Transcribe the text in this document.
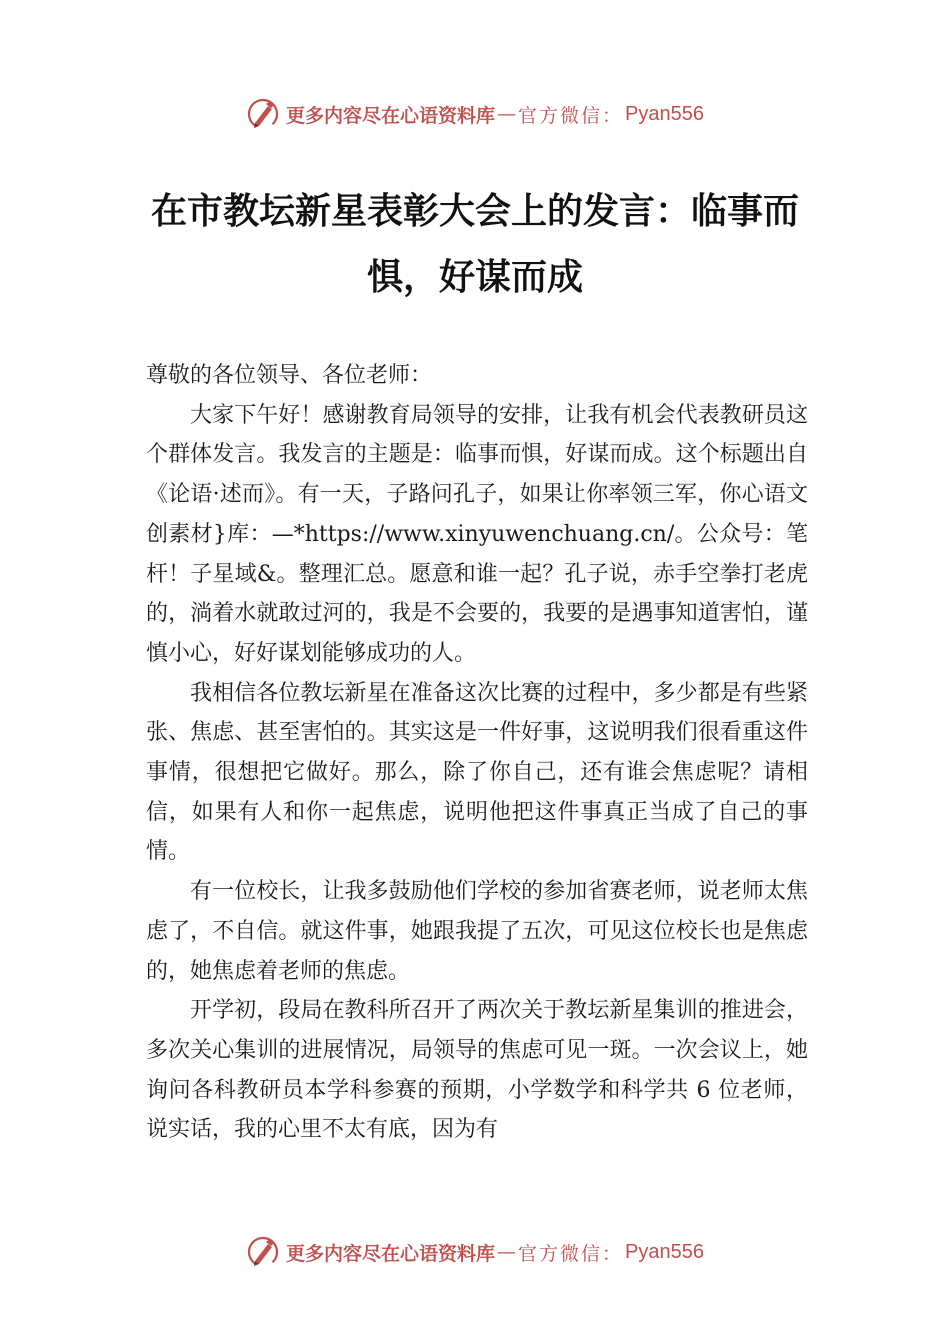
更多内容尽在心语资料库 — 官方微信： Pyan556
在市教坛新星表彰大会上的发言：临事而惧，好谋而成

尊敬的各位领导、各位老师：

大家下午好！感谢教育局领导的安排，让我有机会代表教研员这个群体发言。我发言的主题是：临事而惧，好谋而成。这个标题出自《论语·述而》。有一天，子路问孔子，如果让你率领三军，你心语文创素材}库：—*https://www.xinyuwenchuang.cn/。公众号：笔杆！子星域&。整理汇总。愿意和谁一起？孔子说，赤手空拳打老虎的，淌着水就敢过河的，我是不会要的，我要的是遇事知道害怕，谨慎小心，好好谋划能够成功的人。

我相信各位教坛新星在准备这次比赛的过程中，多少都是有些紧张、焦虑、甚至害怕的。其实这是一件好事，这说明我们很看重这件事情，很想把它做好。那么，除了你自己，还有谁会焦虑呢？请相信，如果有人和你一起焦虑，说明他把这件事真正当成了自己的事情。

有一位校长，让我多鼓励他们学校的参加省赛老师，说老师太焦虑了，不自信。就这件事，她跟我提了五次，可见这位校长也是焦虑的，她焦虑着老师的焦虑。

开学初，段局在教科所召开了两次关于教坛新星集训的推进会，多次关心集训的进展情况，局领导的焦虑可见一斑。一次会议上，她询问各科教研员本学科参赛的预期，小学数学和科学共 6 位老师，说实话，我的心里不太有底，因为有

更多内容尽在心语资料库 — 官方微信： Pyan556
